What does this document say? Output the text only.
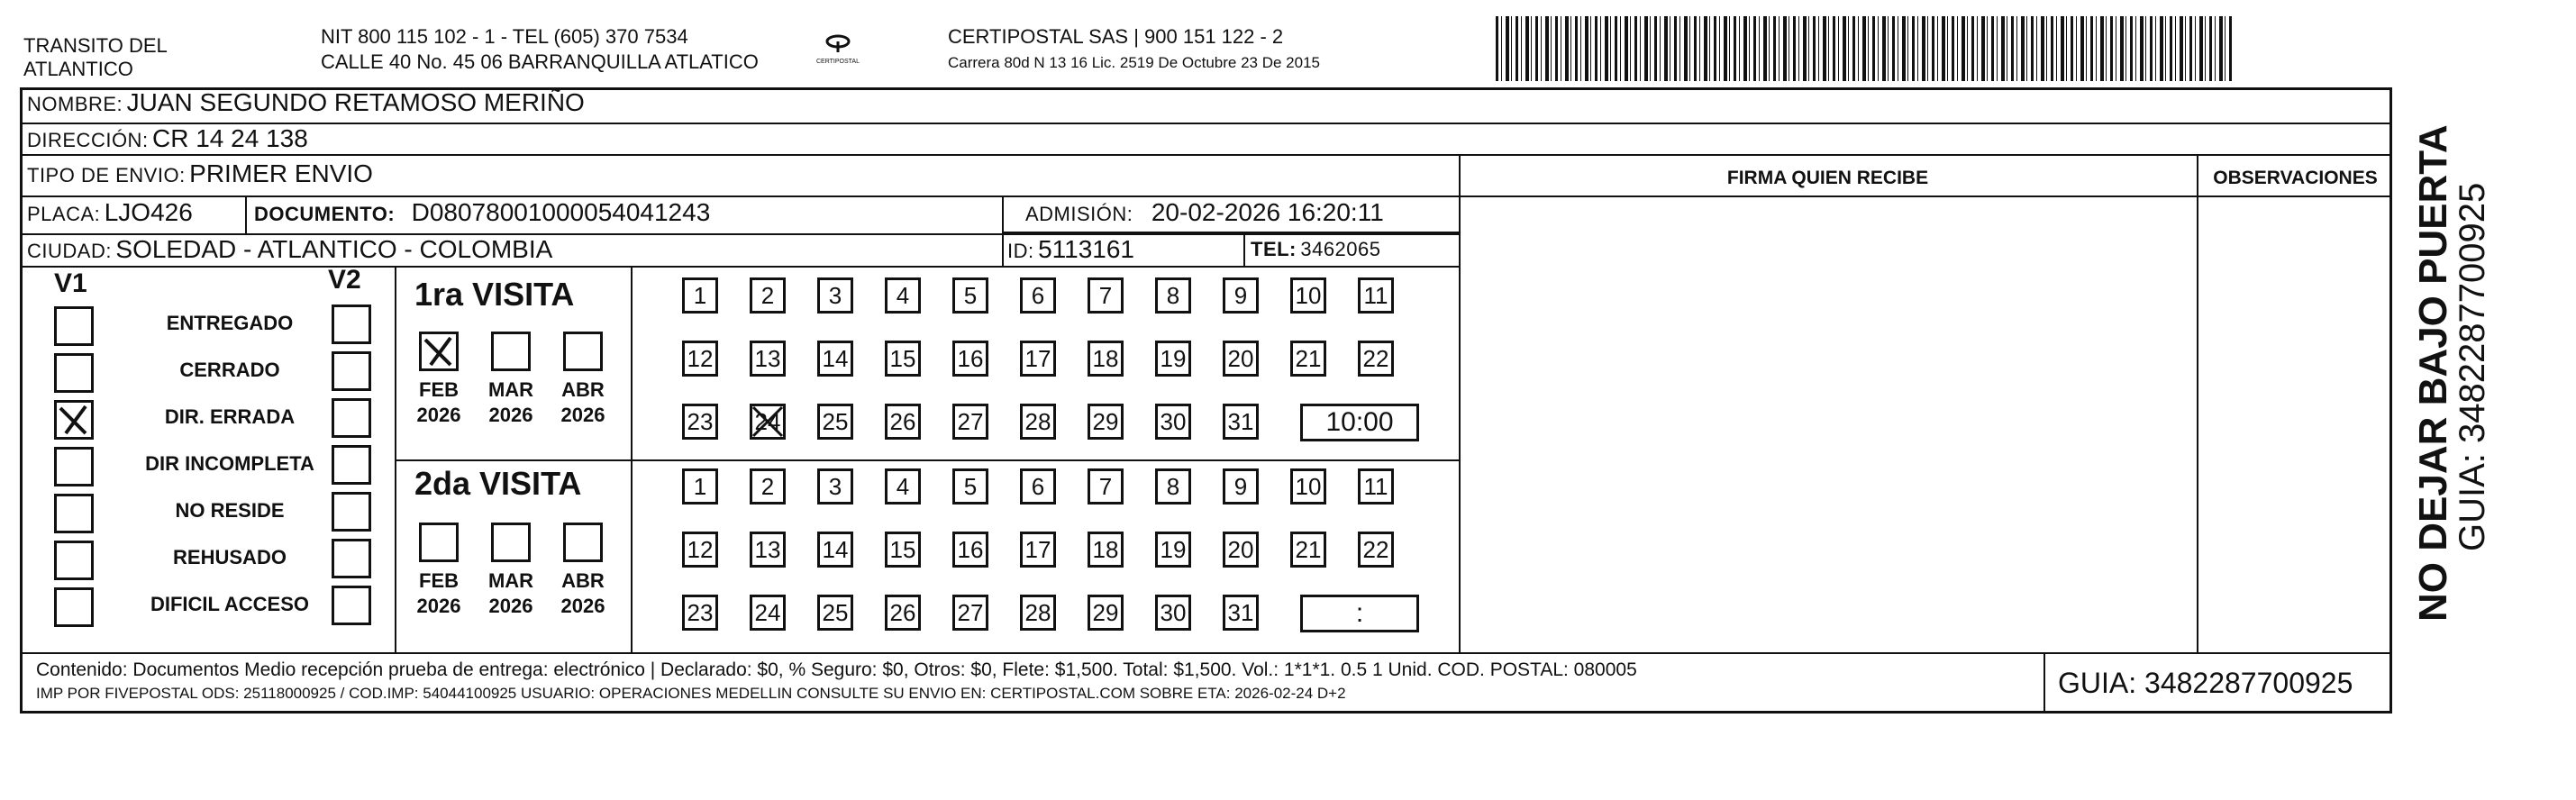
TRANSITO DEL
ATLANTICO
NIT 800 115 102 - 1 - TEL (605) 370 7534
CALLE 40 No. 45 06 BARRANQUILLA ATLATICO	CERTIPOSTAL
CERTIPOSTAL SAS | 900 151 122 - 2
Carrera 80d N 13 16 Lic. 2519 De Octubre 23 De 2015
NOMBRE: JUAN SEGUNDO RETAMOSO MERIÑO
DIRECCIÓN: CR 14 24 138
TIPO DE ENVIO: PRIMER ENVIO
PLACA: LJO426	DOCUMENTO: D08078001000054041243	ADMISIÓN: 20-02-2026 16:20:11
CIUDAD: SOLEDAD - ATLANTICO - COLOMBIA	ID: 5113161	TEL: 3462065
FIRMA QUIEN RECIBE	OBSERVACIONES
V1	V2
ENTREGADO
CERRADO
DIR. ERRADA
DIR INCOMPLETA
NO RESIDE
REHUSADO
DIFICIL ACCESO
1ra VISITA
FEB
2026
MAR
2026
ABR
2026
1	2	3	4	5	6	7	8	9	10 11
12 13 14 15 16 17 18 19 20 21 22
23 24 25 26 27 28 29 30 31	10:00
2da VISITA
FEB
2026
MAR
2026
ABR
2026
1	2	3	4	5	6	7	8	9	10 11
12 13 14 15 16 17 18 19 20 21 22
23 24 25 26 27 28 29 30 31	:
Contenido: Documentos Medio recepción prueba de entrega: electrónico | Declarado: $0, % Seguro: $0, Otros: $0, Flete: $1,500. Total: $1,500. Vol.: 1*1*1. 0.5 1 Unid. COD. POSTAL: 080005
IMP POR FIVEPOSTAL ODS: 25118000925 / COD.IMP: 54044100925 USUARIO: OPERACIONES MEDELLIN CONSULTE SU ENVIO EN: CERTIPOSTAL.COM SOBRE ETA: 2026-02-24 D+2	GUIA: 3482287700925
NO DEJAR BAJO PUERTA
GUIA: 3482287700925
